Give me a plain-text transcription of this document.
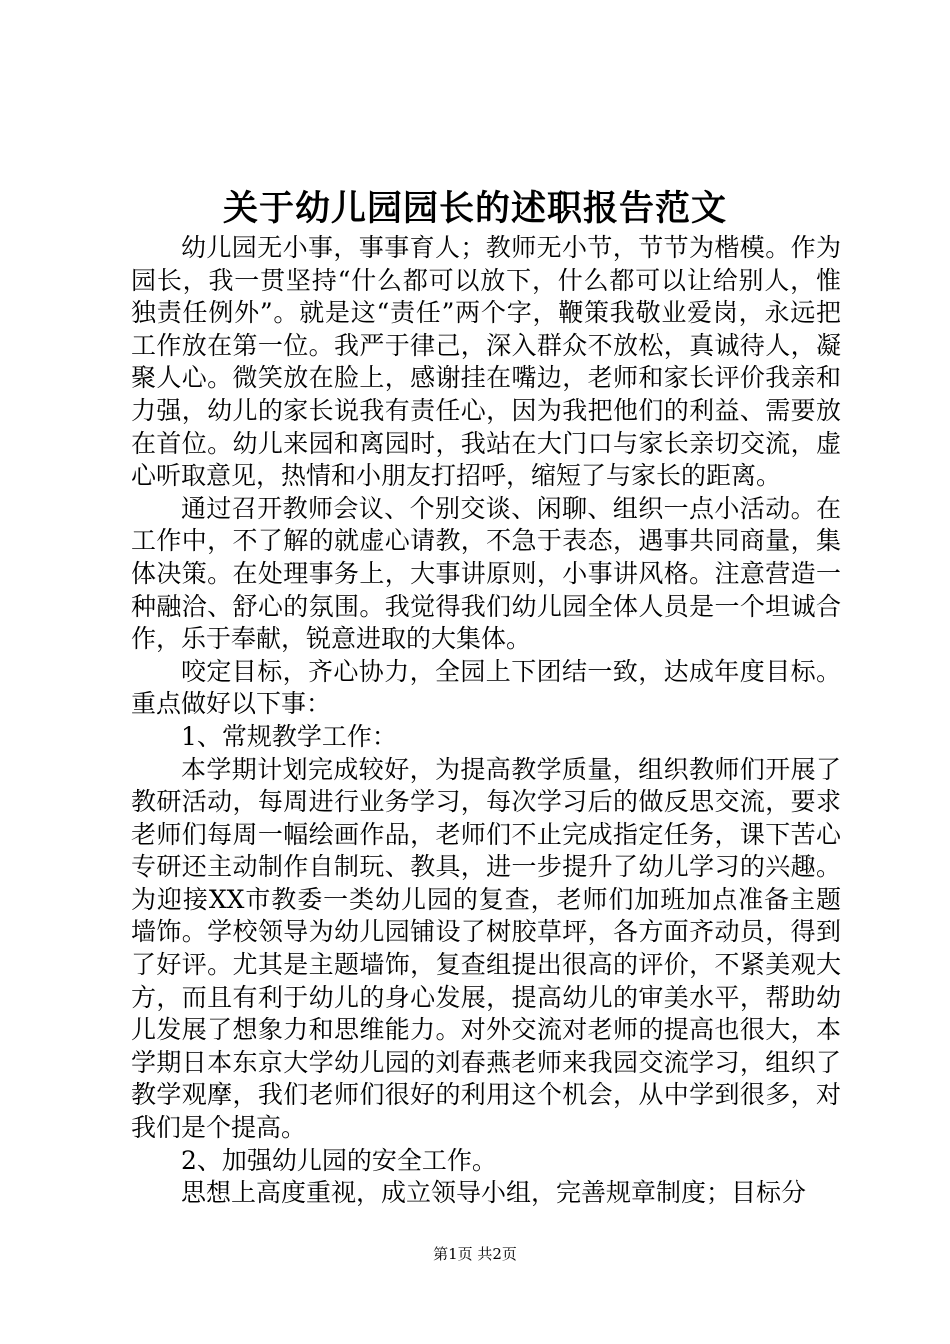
关于幼儿园园长的述职报告范文

幼儿园无小事，事事育人；教师无小节，节节为楷模。作为园长，我一贯坚持“什么都可以放下，什么都可以让给别人，惟独责任例外”。就是这“责任”两个字，鞭策我敬业爱岗，永远把工作放在第一位。我严于律己，深入群众不放松，真诚待人，凝聚人心。微笑放在脸上，感谢挂在嘴边，老师和家长评价我亲和力强，幼儿的家长说我有责任心，因为我把他们的利益、需要放在首位。幼儿来园和离园时，我站在大门口与家长亲切交流，虚心听取意见，热情和小朋友打招呼，缩短了与家长的距离。

通过召开教师会议、个别交谈、闲聊、组织一点小活动。在工作中，不了解的就虚心请教，不急于表态，遇事共同商量，集体决策。在处理事务上，大事讲原则，小事讲风格。注意营造一种融洽、舒心的氛围。我觉得我们幼儿园全体人员是一个坦诚合作，乐于奉献，锐意进取的大集体。

咬定目标，齐心协力，全园上下团结一致，达成年度目标。重点做好以下事：

1、常规教学工作：

本学期计划完成较好，为提高教学质量，组织教师们开展了教研活动，每周进行业务学习，每次学习后的做反思交流，要求老师们每周一幅绘画作品，老师们不止完成指定任务，课下苦心专研还主动制作自制玩、教具，进一步提升了幼儿学习的兴趣。为迎接XX市教委一类幼儿园的复查，老师们加班加点准备主题墙饰。学校领导为幼儿园铺设了树胶草坪，各方面齐动员，得到了好评。尤其是主题墙饰，复查组提出很高的评价，不紧美观大方，而且有利于幼儿的身心发展，提高幼儿的审美水平，帮助幼儿发展了想象力和思维能力。对外交流对老师的提高也很大，本学期日本东京大学幼儿园的刘春燕老师来我园交流学习，组织了教学观摩，我们老师们很好的利用这个机会，从中学到很多，对我们是个提高。

2、加强幼儿园的安全工作。

思想上高度重视，成立领导小组，完善规章制度；目标分

第1页 共2页
